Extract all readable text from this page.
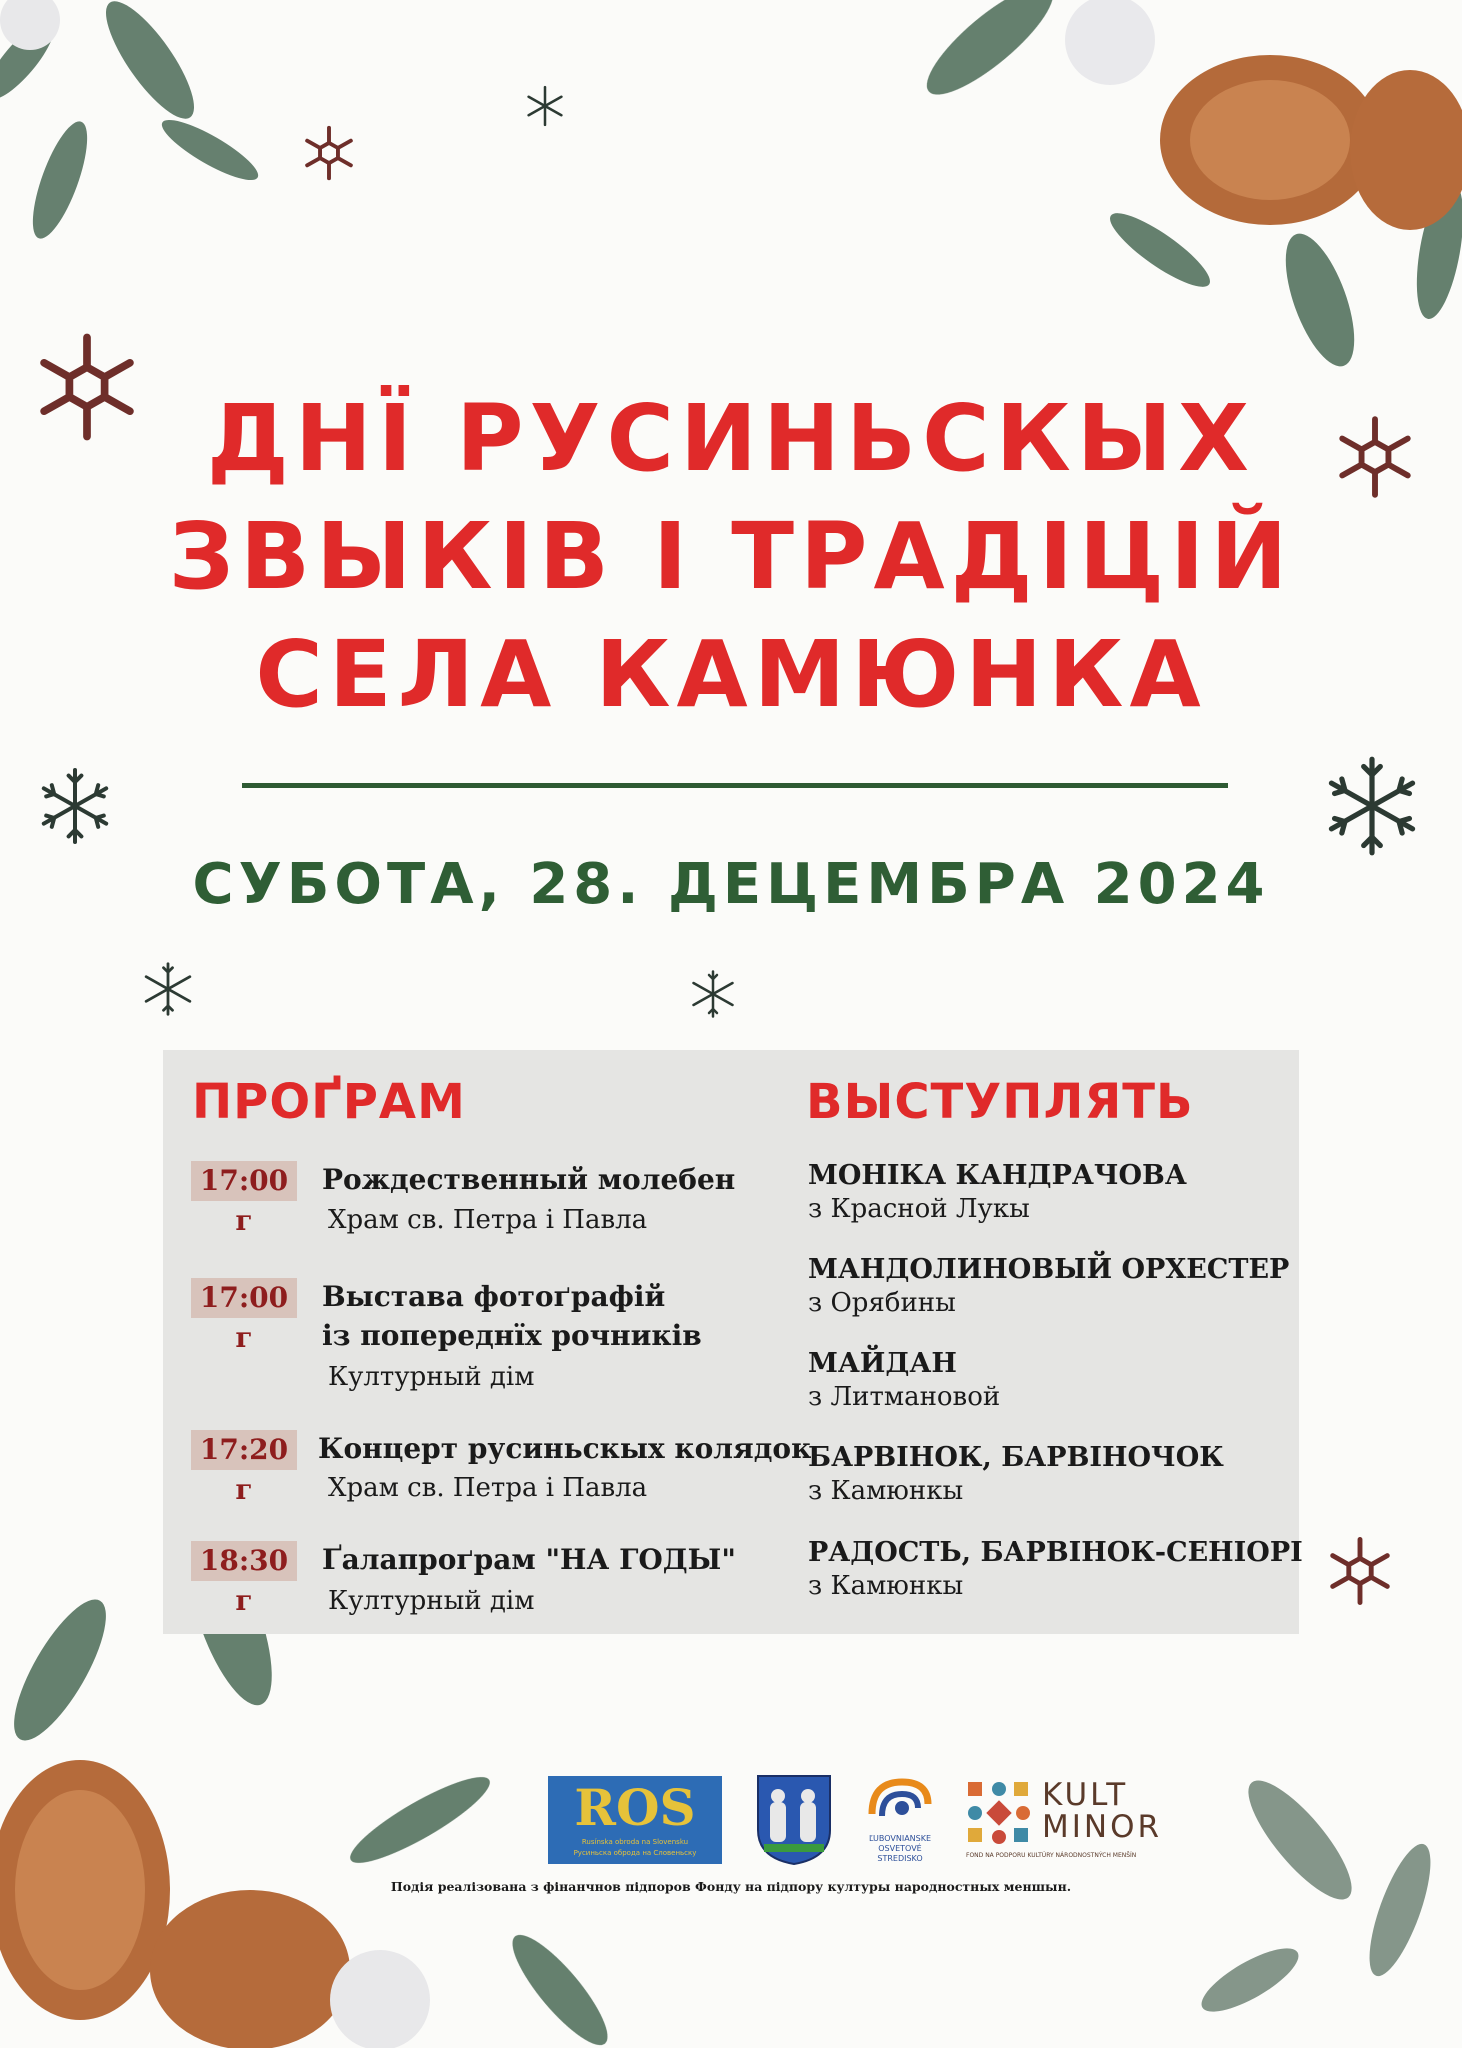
ДНЇ РУСИНЬСКЫХ
ЗВЫКІВ І ТРАДІЦІЙ
СЕЛА КАМЮНКА
СУБОТА, 28. ДЕЦЕМБРА 2024
ПРОҐРАМ	ВЫСТУПЛЯТЬ
17:00 г
Рождественный молебен
Храм св. Петра і Павла
17:00 г
Выстава фотоґрафій
із попереднїх рочників
Културный дім
17:20 г
Концерт русиньскых колядок
Храм св. Петра і Павла
18:30 г
Ґалапроґрам "НА ГОДЫ"
Културный дім
МОНІКА КАНДРАЧОВА
з Красной Лукы
МАНДОЛИНОВЫЙ ОРХЕСТЕР
з Орябины
МАЙДАН
з Литмановой
БАРВІНОК, БАРВІНОЧОК
з Камюнкы
РАДОСТЬ, БАРВІНОК-СЕНІОРІ
з Камюнкы
ROS
Rusínska obroda na Slovensku
Русиньска оброда на Словеньску
ĽUBOVNIANSKE
OSVETOVÉ
STREDISKO
KULT
MINOR
FOND NA PODPORU KULTÚRY NÁRODNOSTNÝCH MENŠÍN
Подія реалізована з фінанчнов підпоров Фонду на підпору културы народностных меншын.
